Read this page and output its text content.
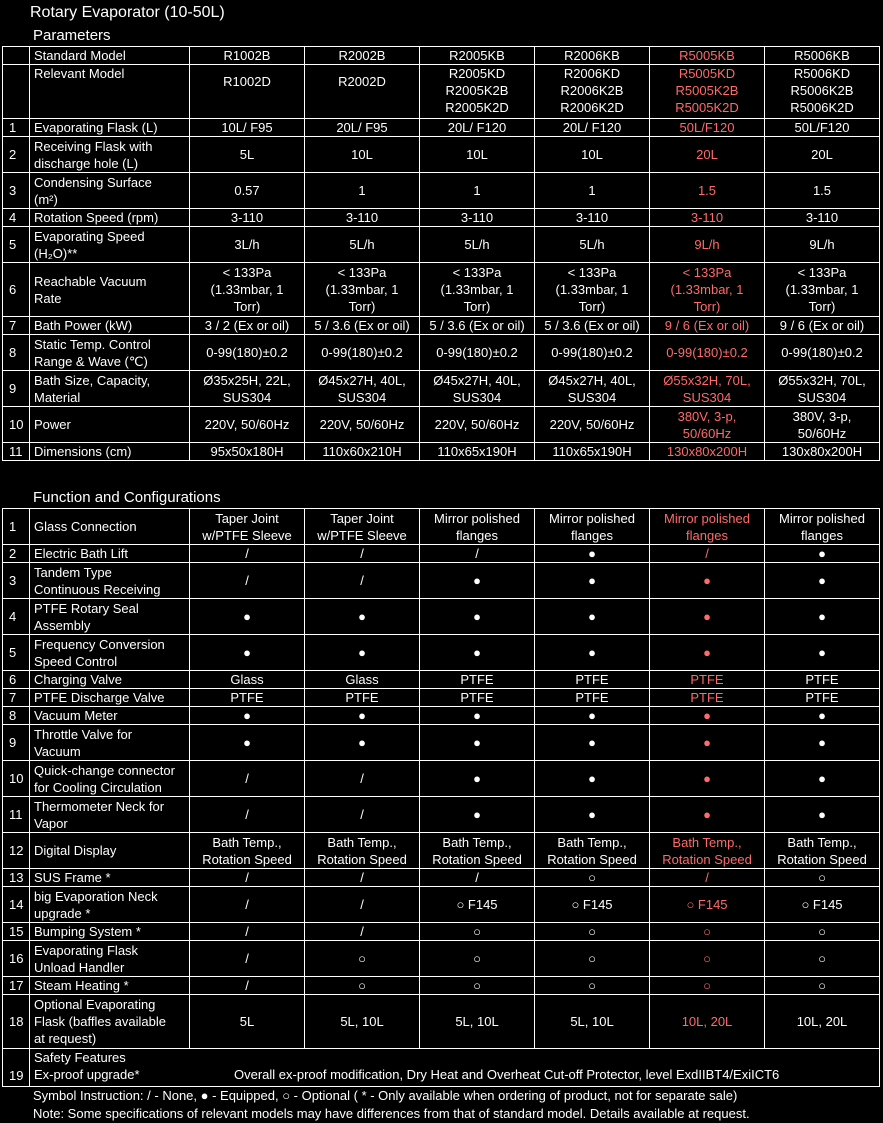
Rotary Evaporator (10-50L)
Parameters
	Standard Model	R1002B	R2002B	R2005KB	R2006KB	R5005KB	R5006KB
	Relevant Model	R1002D	R2002D	R2005KD
R2005K2B
R2005K2D	R2006KD
R2006K2B
R2006K2D	R5005KD
R5005K2B
R5005K2D	R5006KD
R5006K2B
R5006K2D
1	Evaporating Flask (L)	10L/ F95	20L/ F95	20L/ F120	20L/ F120	50L/F120	50L/F120
2	Receiving Flask with
discharge hole (L)	5L	10L	10L	10L	20L	20L
3	Condensing Surface
(m²)	0.57	1	1	1	1.5	1.5
4	Rotation Speed (rpm)	3-110	3-110	3-110	3-110	3-110	3-110
5	Evaporating Speed
(H₂O)**	3L/h	5L/h	5L/h	5L/h	9L/h	9L/h
6	Reachable Vacuum
Rate	< 133Pa
(1.33mbar, 1
Torr)	< 133Pa
(1.33mbar, 1
Torr)	< 133Pa
(1.33mbar, 1
Torr)	< 133Pa
(1.33mbar, 1
Torr)	< 133Pa
(1.33mbar, 1
Torr)	< 133Pa
(1.33mbar, 1
Torr)
7	Bath Power (kW)	3 / 2 (Ex or oil)	5 / 3.6 (Ex or oil)	5 / 3.6 (Ex or oil)	5 / 3.6 (Ex or oil)	9 / 6 (Ex or oil)	9 / 6 (Ex or oil)
8	Static Temp. Control
Range & Wave (℃)	0-99(180)±0.2	0-99(180)±0.2	0-99(180)±0.2	0-99(180)±0.2	0-99(180)±0.2	0-99(180)±0.2
9	Bath Size, Capacity,
Material	Ø35x25H, 22L,
SUS304	Ø45x27H, 40L,
SUS304	Ø45x27H, 40L,
SUS304	Ø45x27H, 40L,
SUS304	Ø55x32H, 70L,
SUS304	Ø55x32H, 70L,
SUS304
10	Power	220V, 50/60Hz	220V, 50/60Hz	220V, 50/60Hz	220V, 50/60Hz	380V, 3-p,
50/60Hz	380V, 3-p,
50/60Hz
11	Dimensions (cm)	95x50x180H	110x60x210H	110x65x190H	110x65x190H	130x80x200H	130x80x200H
Function and Configurations
1	Glass Connection	Taper Joint
w/PTFE Sleeve	Taper Joint
w/PTFE Sleeve	Mirror polished
flanges	Mirror polished
flanges	Mirror polished
flanges	Mirror polished
flanges
2	Electric Bath Lift	/	/	/	●	/	●
3	Tandem Type
Continuous Receiving	/	/	●	●	●	●
4	PTFE Rotary Seal
Assembly	●	●	●	●	●	●
5	Frequency Conversion
Speed Control	●	●	●	●	●	●
6	Charging Valve	Glass	Glass	PTFE	PTFE	PTFE	PTFE
7	PTFE Discharge Valve	PTFE	PTFE	PTFE	PTFE	PTFE	PTFE
8	Vacuum Meter	●	●	●	●	●	●
9	Throttle Valve for
Vacuum	●	●	●	●	●	●
10	Quick-change connector
for Cooling Circulation	/	/	●	●	●	●
11	Thermometer Neck for
Vapor	/	/	●	●	●	●
12	Digital Display	Bath Temp.,
Rotation Speed	Bath Temp.,
Rotation Speed	Bath Temp.,
Rotation Speed	Bath Temp.,
Rotation Speed	Bath Temp.,
Rotation Speed	Bath Temp.,
Rotation Speed
13	SUS Frame *	/	/	/	○	/	○
14	big Evaporation Neck
upgrade *	/	/	○ F145	○ F145	○ F145	○ F145
15	Bumping System *	/	/	○	○	○	○
16	Evaporating Flask
Unload Handler	/	○	○	○	○	○
17	Steam Heating *	/	○	○	○	○	○
18	Optional Evaporating
Flask (baffles available
at request)	5L	5L, 10L	5L, 10L	5L, 10L	10L, 20L	10L, 20L
19	Safety Features
Ex-proof upgrade* Overall ex-proof modification, Dry Heat and Overheat Cut-off Protector, level ExdIIBT4/ExiICT6						
Symbol Instruction: / - None, ● - Equipped, ○ - Optional ( * - Only available when ordering of product, not for separate sale)
Note: Some specifications of relevant models may have differences from that of standard model. Details available at request.
